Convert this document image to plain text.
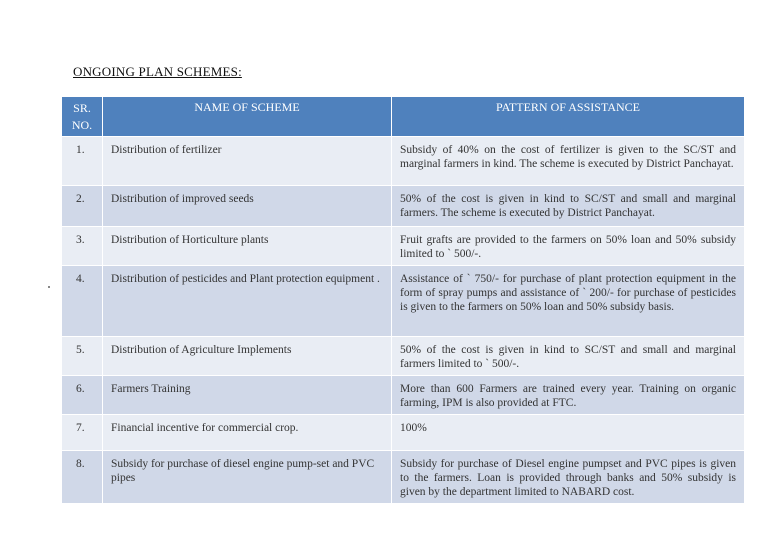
ONGOING PLAN SCHEMES:
SR. NO.	NAME OF SCHEME	PATTERN OF ASSISTANCE
1.	Distribution of fertilizer	Subsidy of 40% on the cost of fertilizer is given to the SC/ST and marginal farmers in kind. The scheme is executed by District Panchayat.
2.	Distribution of improved seeds	50% of the cost is given in kind to SC/ST and small and marginal farmers. The scheme is executed by District Panchayat.
3.	Distribution of Horticulture plants	Fruit grafts are provided to the farmers on 50% loan and 50% subsidy limited to ` 500/-.
4.	Distribution of pesticides and Plant protection equipment .	Assistance of ` 750/- for purchase of plant protection equipment in the form of spray pumps and assistance of ` 200/- for purchase of pesticides is given to the farmers on 50% loan and 50% subsidy basis.
5.	Distribution of Agriculture Implements	50% of the cost is given in kind to SC/ST and small and marginal farmers limited to ` 500/-.
6.	Farmers Training	More than 600 Farmers are trained every year. Training on organic farming, IPM is also provided at FTC.
7.	Financial incentive for commercial crop.	100%
8.	Subsidy for purchase of diesel engine pump-set and PVC pipes	Subsidy for purchase of Diesel engine pumpset and PVC pipes is given to the farmers. Loan is provided through banks and 50% subsidy is given by the department limited to NABARD cost.
